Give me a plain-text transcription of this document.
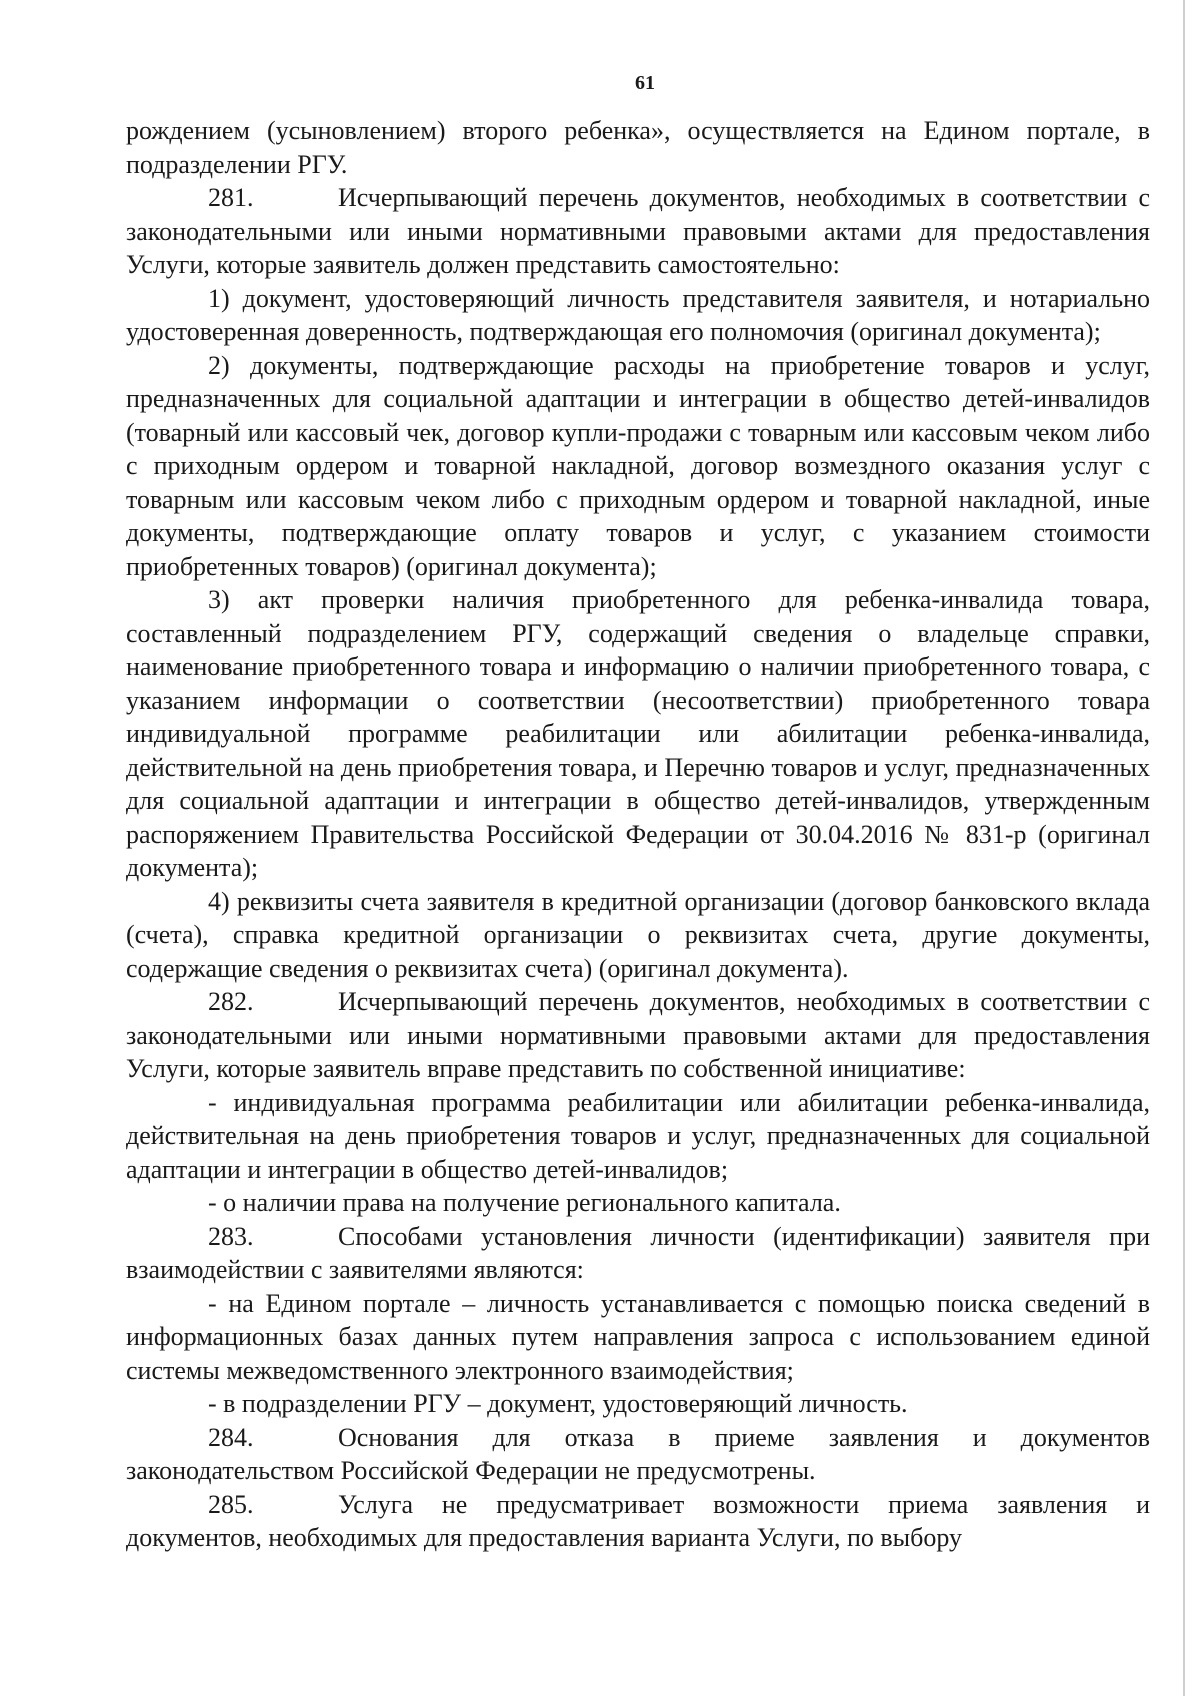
61

рождением (усыновлением) второго ребенка», осуществляется на Едином портале, в подразделении РГУ.

281.	Исчерпывающий перечень документов, необходимых в соответствии с законодательными или иными нормативными правовыми актами для предоставления Услуги, которые заявитель должен представить самостоятельно:

1) документ, удостоверяющий личность представителя заявителя, и нотариально удостоверенная доверенность, подтверждающая его полномочия (оригинал документа);

2) документы, подтверждающие расходы на приобретение товаров и услуг, предназначенных для социальной адаптации и интеграции в общество детей-инвалидов (товарный или кассовый чек, договор купли-продажи с товарным или кассовым чеком либо с приходным ордером и товарной накладной, договор возмездного оказания услуг с товарным или кассовым чеком либо с приходным ордером и товарной накладной, иные документы, подтверждающие оплату товаров и услуг, с указанием стоимости приобретенных товаров) (оригинал документа);

3) акт проверки наличия приобретенного для ребенка-инвалида товара, составленный подразделением РГУ, содержащий сведения о владельце справки, наименование приобретенного товара и информацию о наличии приобретенного товара, с указанием информации о соответствии (несоответствии) приобретенного товара индивидуальной программе реабилитации или абилитации ребенка-инвалида, действительной на день приобретения товара, и Перечню товаров и услуг, предназначенных для социальной адаптации и интеграции в общество детей-инвалидов, утвержденным распоряжением Правительства Российской Федерации от 30.04.2016 № 831-р (оригинал документа);

4) реквизиты счета заявителя в кредитной организации (договор банковского вклада (счета), справка кредитной организации о реквизитах счета, другие документы, содержащие сведения о реквизитах счета) (оригинал документа).

282.	Исчерпывающий перечень документов, необходимых в соответствии с законодательными или иными нормативными правовыми актами для предоставления Услуги, которые заявитель вправе представить по собственной инициативе:

- индивидуальная программа реабилитации или абилитации ребенка-инвалида, действительная на день приобретения товаров и услуг, предназначенных для социальной адаптации и интеграции в общество детей-инвалидов;

- о наличии права на получение регионального капитала.

283.	Способами установления личности (идентификации) заявителя при взаимодействии с заявителями являются:

- на Едином портале – личность устанавливается с помощью поиска сведений в информационных базах данных путем направления запроса с использованием единой системы межведомственного электронного взаимодействия;

- в подразделении РГУ – документ, удостоверяющий личность.

284.	Основания для отказа в приеме заявления и документов законодательством Российской Федерации не предусмотрены.

285.	Услуга не предусматривает возможности приема заявления и документов, необходимых для предоставления варианта Услуги, по выбору
